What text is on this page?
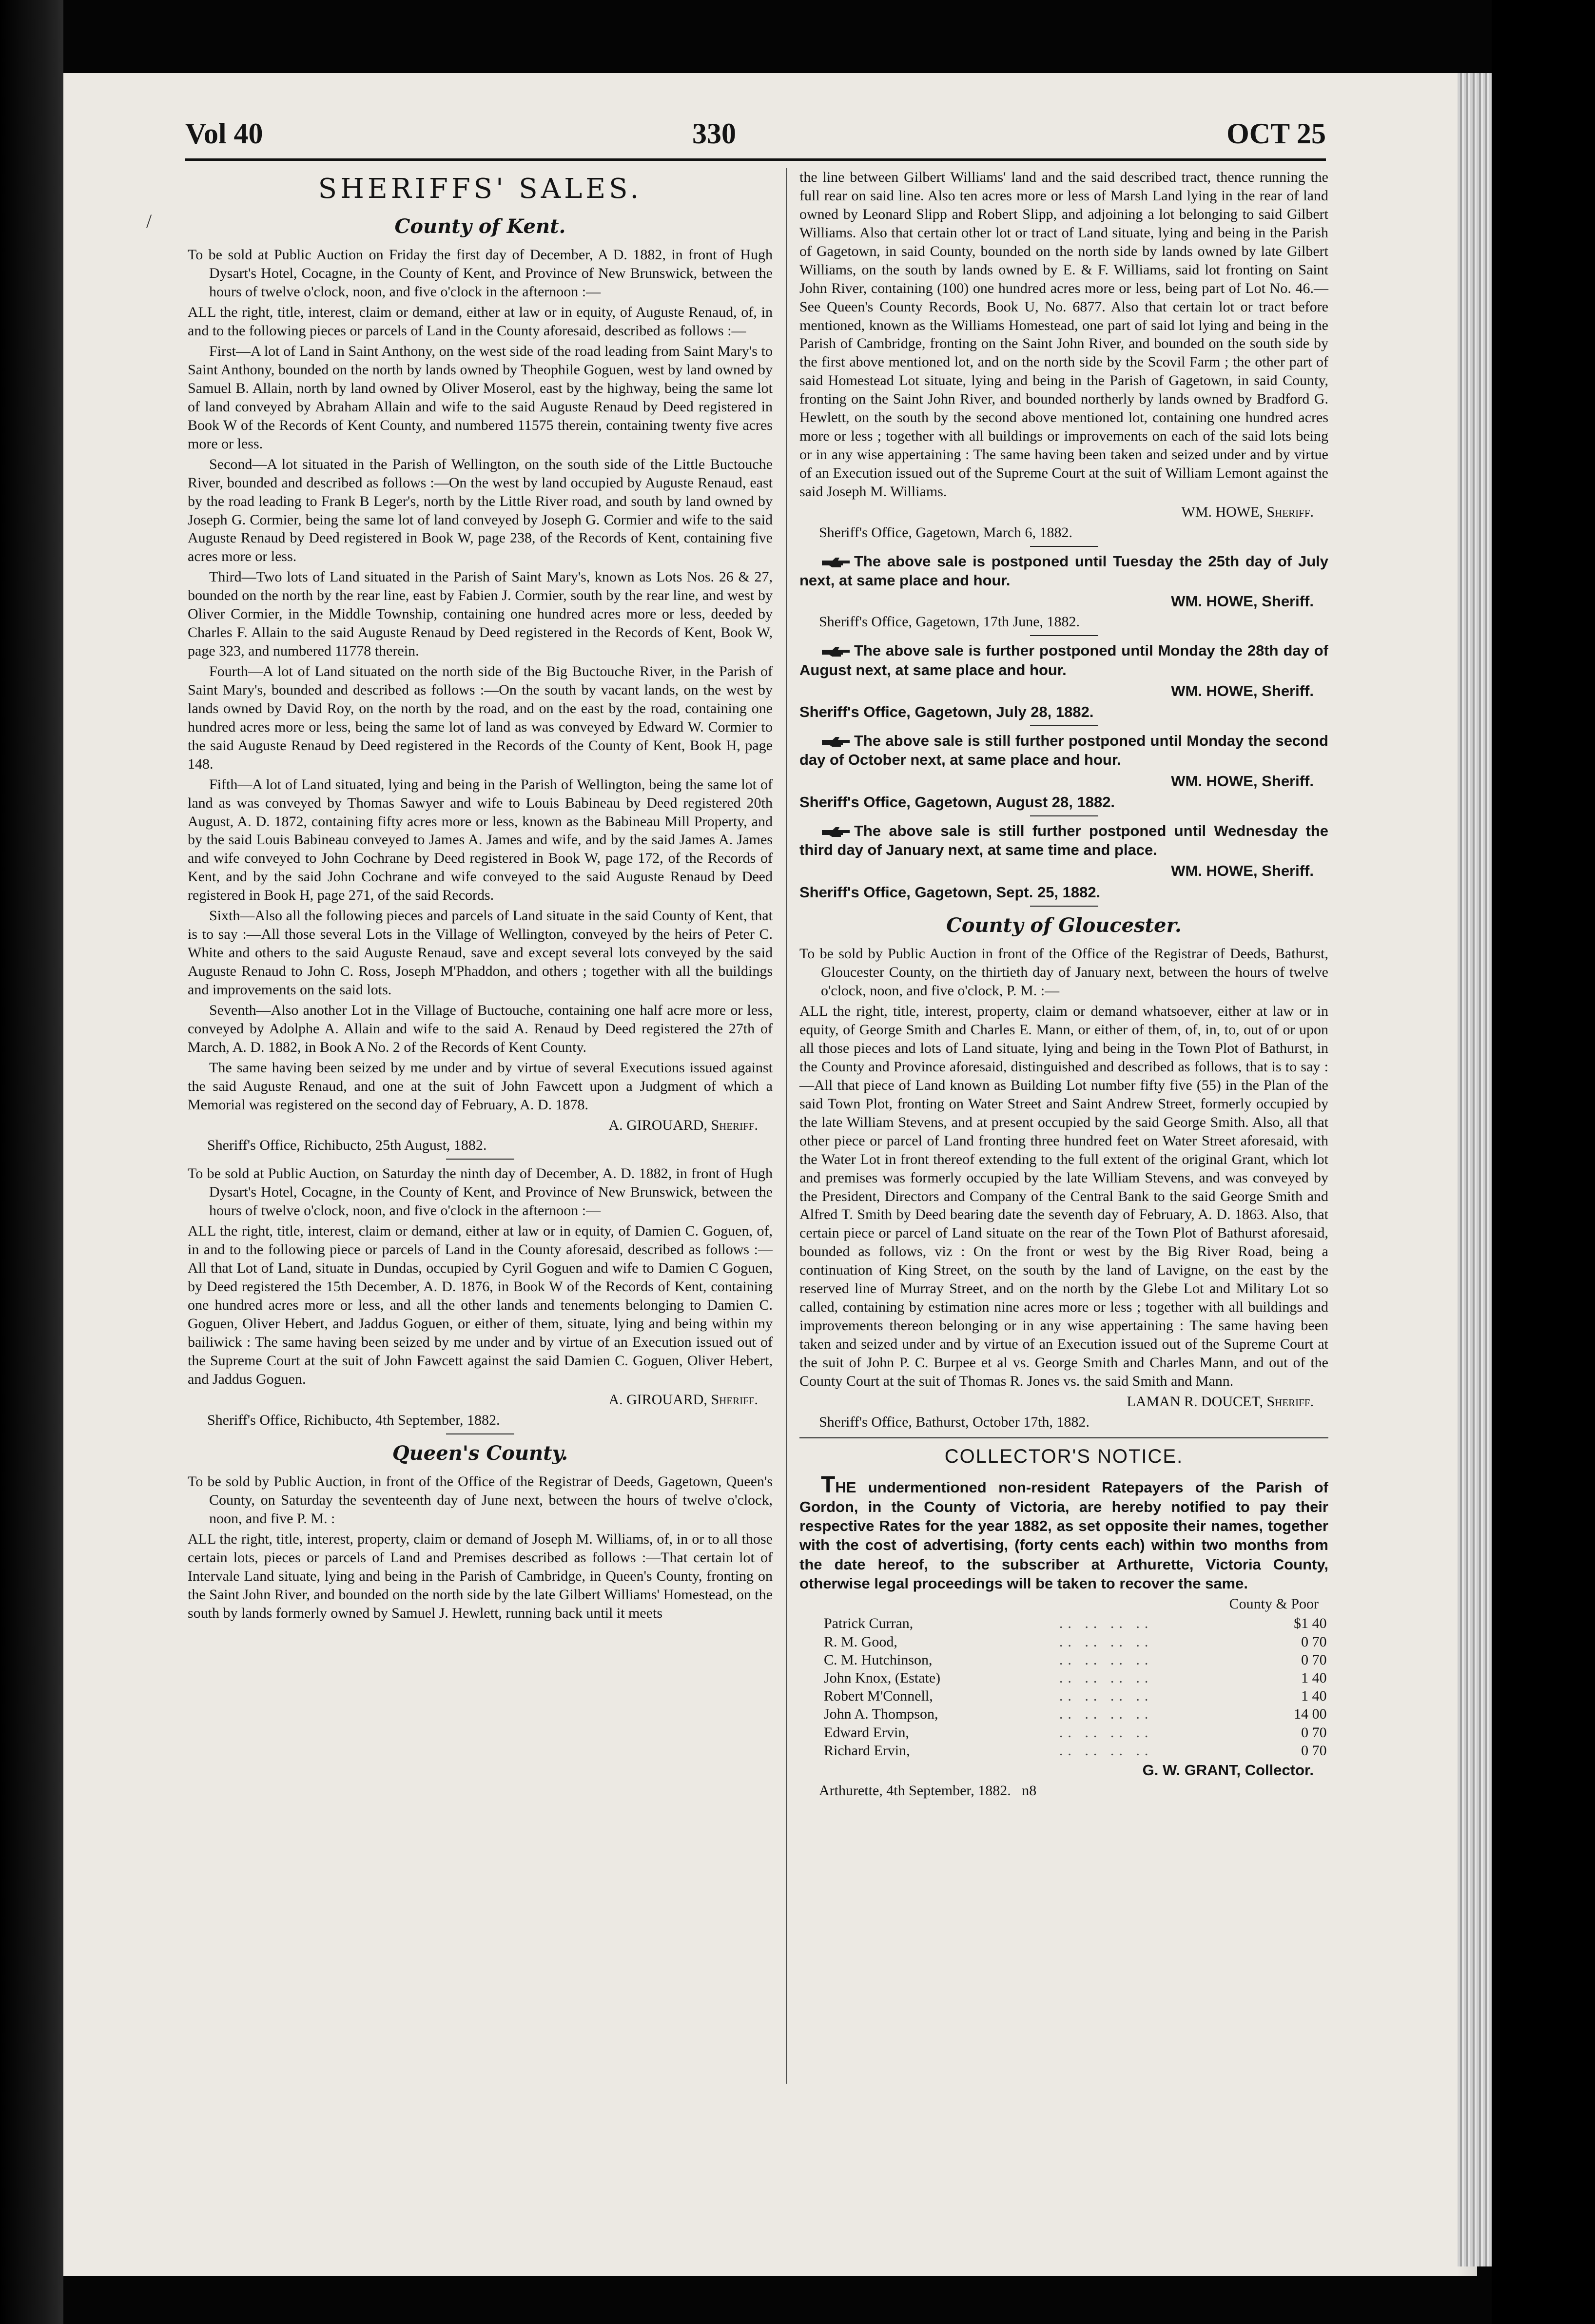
/
Vol 40	330	OCT 25
SHERIFFS' SALES.
County of Kent.

To be sold at Public Auction on Friday the first day of December, A D. 1882, in front of Hugh Dysart's Hotel, Cocagne, in the County of Kent, and Province of New Brunswick, between the hours of twelve o'clock, noon, and five o'clock in the afternoon :—

ALL the right, title, interest, claim or demand, either at law or in equity, of Auguste Renaud, of, in and to the following pieces or parcels of Land in the County aforesaid, described as follows :—

First—A lot of Land in Saint Anthony, on the west side of the road leading from Saint Mary's to Saint Anthony, bounded on the north by lands owned by Theophile Goguen, west by land owned by Samuel B. Allain, north by land owned by Oliver Moserol, east by the highway, being the same lot of land conveyed by Abraham Allain and wife to the said Auguste Renaud by Deed registered in Book W of the Records of Kent County, and numbered 11575 therein, containing twenty five acres more or less.

Second—A lot situated in the Parish of Wellington, on the south side of the Little Buctouche River, bounded and described as follows :—On the west by land occupied by Auguste Renaud, east by the road leading to Frank B Leger's, north by the Little River road, and south by land owned by Joseph G. Cormier, being the same lot of land conveyed by Joseph G. Cormier and wife to the said Auguste Renaud by Deed registered in Book W, page 238, of the Records of Kent, containing five acres more or less.

Third—Two lots of Land situated in the Parish of Saint Mary's, known as Lots Nos. 26 & 27, bounded on the north by the rear line, east by Fabien J. Cormier, south by the rear line, and west by Oliver Cormier, in the Middle Township, containing one hundred acres more or less, deeded by Charles F. Allain to the said Auguste Renaud by Deed registered in the Records of Kent, Book W, page 323, and numbered 11778 therein.

Fourth—A lot of Land situated on the north side of the Big Buctouche River, in the Parish of Saint Mary's, bounded and described as follows :—On the south by vacant lands, on the west by lands owned by David Roy, on the north by the road, and on the east by the road, containing one hundred acres more or less, being the same lot of land as was conveyed by Edward W. Cormier to the said Auguste Renaud by Deed registered in the Records of the County of Kent, Book H, page 148.

Fifth—A lot of Land situated, lying and being in the Parish of Wellington, being the same lot of land as was conveyed by Thomas Sawyer and wife to Louis Babineau by Deed registered 20th August, A. D. 1872, containing fifty acres more or less, known as the Babineau Mill Property, and by the said Louis Babineau conveyed to James A. James and wife, and by the said James A. James and wife conveyed to John Cochrane by Deed registered in Book W, page 172, of the Records of Kent, and by the said John Cochrane and wife conveyed to the said Auguste Renaud by Deed registered in Book H, page 271, of the said Records.

Sixth—Also all the following pieces and parcels of Land situate in the said County of Kent, that is to say :—All those several Lots in the Village of Wellington, conveyed by the heirs of Peter C. White and others to the said Auguste Renaud, save and except several lots conveyed by the said Auguste Renaud to John C. Ross, Joseph M'Phaddon, and others ; together with all the buildings and improvements on the said lots.

Seventh—Also another Lot in the Village of Buctouche, containing one half acre more or less, conveyed by Adolphe A. Allain and wife to the said A. Renaud by Deed registered the 27th of March, A. D. 1882, in Book A No. 2 of the Records of Kent County.

The same having been seized by me under and by virtue of several Executions issued against the said Auguste Renaud, and one at the suit of John Fawcett upon a Judgment of which a Memorial was registered on the second day of February, A. D. 1878.

A. GIROUARD, Sheriff.
Sheriff's Office, Richibucto, 25th August, 1882.

To be sold at Public Auction, on Saturday the ninth day of December, A. D. 1882, in front of Hugh Dysart's Hotel, Cocagne, in the County of Kent, and Province of New Brunswick, between the hours of twelve o'clock, noon, and five o'clock in the afternoon :—

ALL the right, title, interest, claim or demand, either at law or in equity, of Damien C. Goguen, of, in and to the following piece or parcels of Land in the County aforesaid, described as follows :—All that Lot of Land, situate in Dundas, occupied by Cyril Goguen and wife to Damien C Goguen, by Deed registered the 15th December, A. D. 1876, in Book W of the Records of Kent, containing one hundred acres more or less, and all the other lands and tenements belonging to Damien C. Goguen, Oliver Hebert, and Jaddus Goguen, or either of them, situate, lying and being within my bailiwick : The same having been seized by me under and by virtue of an Execution issued out of the Supreme Court at the suit of John Fawcett against the said Damien C. Goguen, Oliver Hebert, and Jaddus Goguen.

A. GIROUARD, Sheriff.
Sheriff's Office, Richibucto, 4th September, 1882.
Queen's County.

To be sold by Public Auction, in front of the Office of the Registrar of Deeds, Gagetown, Queen's County, on Saturday the seventeenth day of June next, between the hours of twelve o'clock, noon, and five P. M. :

ALL the right, title, interest, property, claim or demand of Joseph M. Williams, of, in or to all those certain lots, pieces or parcels of Land and Premises described as follows :—That certain lot of Intervale Land situate, lying and being in the Parish of Cambridge, in Queen's County, fronting on the Saint John River, and bounded on the north side by the late Gilbert Williams' Homestead, on the south by lands formerly owned by Samuel J. Hewlett, running back until it meets

the line between Gilbert Williams' land and the said described tract, thence running the full rear on said line. Also ten acres more or less of Marsh Land lying in the rear of land owned by Leonard Slipp and Robert Slipp, and adjoining a lot belonging to said Gilbert Williams. Also that certain other lot or tract of Land situate, lying and being in the Parish of Gagetown, in said County, bounded on the north side by lands owned by late Gilbert Williams, on the south by lands owned by E. & F. Williams, said lot fronting on Saint John River, containing (100) one hundred acres more or less, being part of Lot No. 46.—See Queen's County Records, Book U, No. 6877. Also that certain lot or tract before mentioned, known as the Williams Homestead, one part of said lot lying and being in the Parish of Cambridge, fronting on the Saint John River, and bounded on the south side by the first above mentioned lot, and on the north side by the Scovil Farm ; the other part of said Homestead Lot situate, lying and being in the Parish of Gagetown, in said County, fronting on the Saint John River, and bounded northerly by lands owned by Bradford G. Hewlett, on the south by the second above mentioned lot, containing one hundred acres more or less ; together with all buildings or improvements on each of the said lots being or in any wise appertaining : The same having been taken and seized under and by virtue of an Execution issued out of the Supreme Court at the suit of William Lemont against the said Joseph M. Williams.

WM. HOWE, Sheriff.
Sheriff's Office, Gagetown, March 6, 1882.

The above sale is postponed until Tuesday the 25th day of July next, at same place and hour.

WM. HOWE, Sheriff.
Sheriff's Office, Gagetown, 17th June, 1882.

The above sale is further postponed until Monday the 28th day of August next, at same place and hour.

WM. HOWE, Sheriff.
Sheriff's Office, Gagetown, July 28, 1882.

The above sale is still further postponed until Monday the second day of October next, at same place and hour.

WM. HOWE, Sheriff.
Sheriff's Office, Gagetown, August 28, 1882.

The above sale is still further postponed until Wednesday the third day of January next, at same time and place.

WM. HOWE, Sheriff.
Sheriff's Office, Gagetown, Sept. 25, 1882.
County of Gloucester.

To be sold by Public Auction in front of the Office of the Registrar of Deeds, Bathurst, Gloucester County, on the thirtieth day of January next, between the hours of twelve o'clock, noon, and five o'clock, P. M. :—

ALL the right, title, interest, property, claim or demand whatsoever, either at law or in equity, of George Smith and Charles E. Mann, or either of them, of, in, to, out of or upon all those pieces and lots of Land situate, lying and being in the Town Plot of Bathurst, in the County and Province aforesaid, distinguished and described as follows, that is to say :—All that piece of Land known as Building Lot number fifty five (55) in the Plan of the said Town Plot, fronting on Water Street and Saint Andrew Street, formerly occupied by the late William Stevens, and at present occupied by the said George Smith. Also, all that other piece or parcel of Land fronting three hundred feet on Water Street aforesaid, with the Water Lot in front thereof extending to the full extent of the original Grant, which lot and premises was formerly occupied by the late William Stevens, and was conveyed by the President, Directors and Company of the Central Bank to the said George Smith and Alfred T. Smith by Deed bearing date the seventh day of February, A. D. 1863. Also, that certain piece or parcel of Land situate on the rear of the Town Plot of Bathurst aforesaid, bounded as follows, viz : On the front or west by the Big River Road, being a continuation of King Street, on the south by the land of Lavigne, on the east by the reserved line of Murray Street, and on the north by the Glebe Lot and Military Lot so called, containing by estimation nine acres more or less ; together with all buildings and improvements thereon belonging or in any wise appertaining : The same having been taken and seized under and by virtue of an Execution issued out of the Supreme Court at the suit of John P. C. Burpee et al vs. George Smith and Charles Mann, and out of the County Court at the suit of Thomas R. Jones vs. the said Smith and Mann.

LAMAN R. DOUCET, Sheriff.
Sheriff's Office, Bathurst, October 17th, 1882.
COLLECTOR'S NOTICE.

THE undermentioned non-resident Ratepayers of the Parish of Gordon, in the County of Victoria, are hereby notified to pay their respective Rates for the year 1882, as set opposite their names, together with the cost of advertising, (forty cents each) within two months from the date hereof, to the subscriber at Arthurette, Victoria County, otherwise legal proceedings will be taken to recover the same.

County & Poor
Patrick Curran,	.. .. .. ..	$1 40
R. M. Good,	.. .. .. ..	0 70
C. M. Hutchinson,	.. .. .. ..	0 70
John Knox, (Estate)	.. .. .. ..	1 40
Robert M'Connell,	.. .. .. ..	1 40
John A. Thompson,	.. .. .. ..	14 00
Edward Ervin,	.. .. .. ..	0 70
Richard Ervin,	.. .. .. ..	0 70
G. W. GRANT, Collector.
Arthurette, 4th September, 1882. n8
